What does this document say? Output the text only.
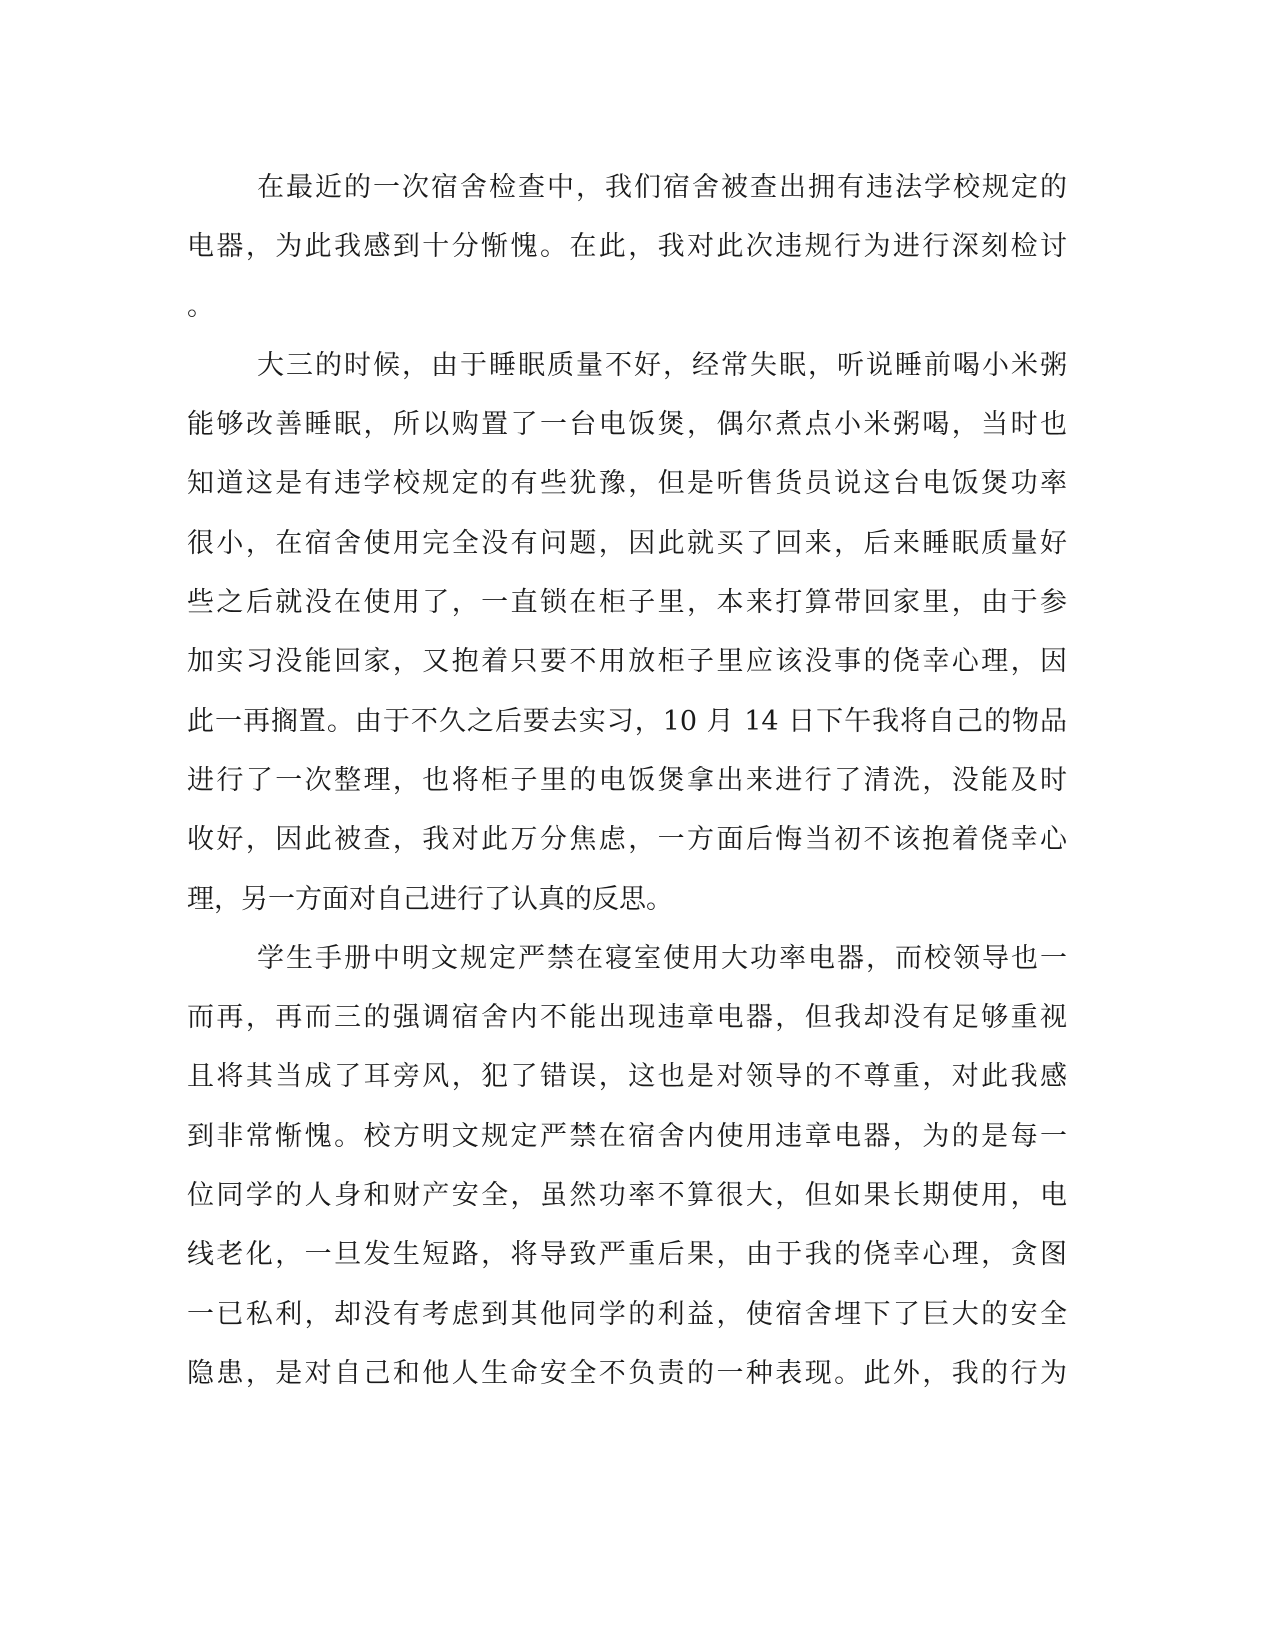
在最近的一次宿舍检查中，我们宿舍被查出拥有违法学校规定的
电器，为此我感到十分惭愧。在此，我对此次违规行为进行深刻检讨
。
大三的时候，由于睡眠质量不好，经常失眠，听说睡前喝小米粥
能够改善睡眠，所以购置了一台电饭煲，偶尔煮点小米粥喝，当时也
知道这是有违学校规定的有些犹豫，但是听售货员说这台电饭煲功率
很小，在宿舍使用完全没有问题，因此就买了回来，后来睡眠质量好
些之后就没在使用了，一直锁在柜子里，本来打算带回家里，由于参
加实习没能回家，又抱着只要不用放柜子里应该没事的侥幸心理，因
此一再搁置。由于不久之后要去实习，10 月 14 日下午我将自己的物品
进行了一次整理，也将柜子里的电饭煲拿出来进行了清洗，没能及时
收好，因此被查，我对此万分焦虑，一方面后悔当初不该抱着侥幸心
理，另一方面对自己进行了认真的反思。
学生手册中明文规定严禁在寝室使用大功率电器，而校领导也一
而再，再而三的强调宿舍内不能出现违章电器，但我却没有足够重视
且将其当成了耳旁风，犯了错误，这也是对领导的不尊重，对此我感
到非常惭愧。校方明文规定严禁在宿舍内使用违章电器，为的是每一
位同学的人身和财产安全，虽然功率不算很大，但如果长期使用，电
线老化，一旦发生短路，将导致严重后果，由于我的侥幸心理，贪图
一已私利，却没有考虑到其他同学的利益，使宿舍埋下了巨大的安全
隐患，是对自己和他人生命安全不负责的一种表现。此外，我的行为
